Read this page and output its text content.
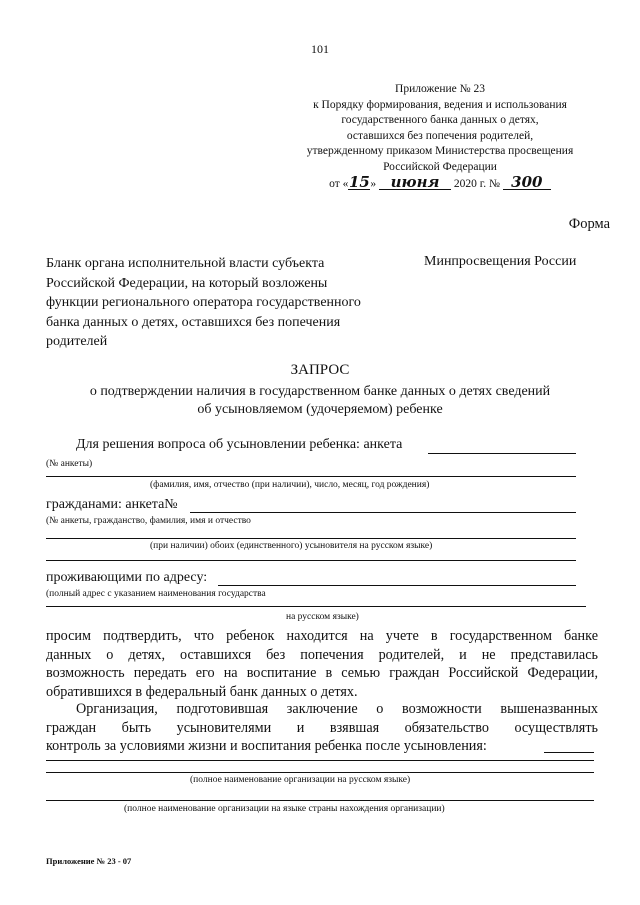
101
Приложение № 23
к Порядку формирования, ведения и использования
государственного банка данных о детях,
оставшихся без попечения родителей,
утвержденному приказом Министерства просвещения
Российской Федерации
от «15» июня 2020 г. № 300
Форма
Бланк органа исполнительной власти субъекта Российской Федерации, на который возложены функции регионального оператора государственного банка данных о детях, оставшихся без попечения родителей
Минпросвещения России
ЗАПРОС
о подтверждении наличия в государственном банке данных о детях сведений
об усыновляемом (удочеряемом) ребенке
Для решения вопроса об усыновлении ребенка: анкета
(№ анкеты)
(фамилия, имя, отчество (при наличии), число, месяц, год рождения)
гражданами: анкета№
(№ анкеты, гражданство, фамилия, имя и отчество
(при наличии) обоих (единственного) усыновителя на русском языке)
проживающими по адресу:
(полный адрес с указанием наименования государства
на русском языке)
просим подтвердить, что ребенок находится на учете в государственном банке
данных о детях, оставшихся без попечения родителей, и не представилась
возможность передать его на воспитание в семью граждан Российской Федерации,
обратившихся в федеральный банк данных о детях.
Организация, подготовившая заключение о возможности вышеназванных
граждан быть усыновителями и взявшая обязательство осуществлять
контроль за условиями жизни и воспитания ребенка после усыновления:
(полное наименование организации на русском языке)
(полное наименование организации на языке страны нахождения организации)
Приложение № 23 - 07
